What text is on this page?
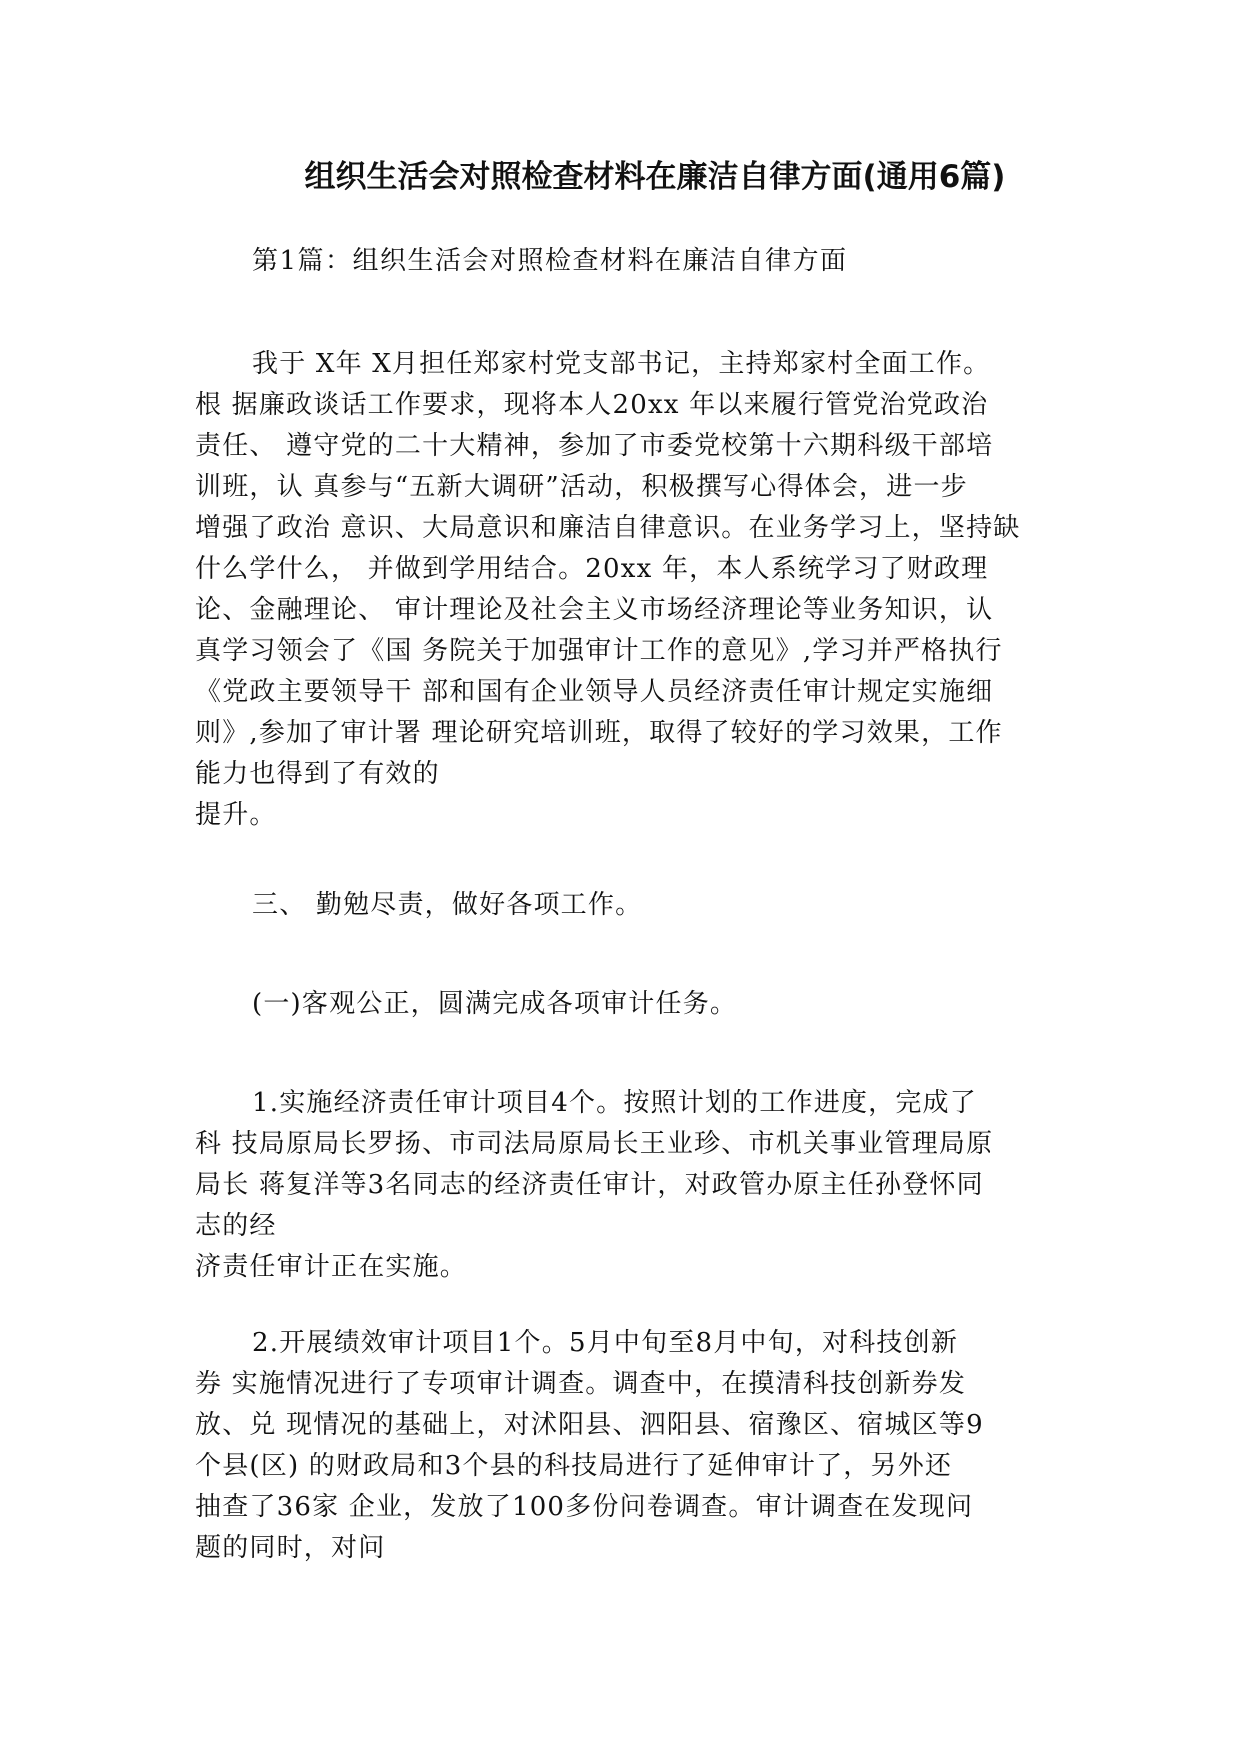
组织生活会对照检查材料在廉洁自律方面(通用6篇)
第1篇：组织生活会对照检查材料在廉洁自律方面
我于 X年 X月担任郑家村党支部书记，主持郑家村全面工作。
根 据廉政谈话工作要求，现将本人20xx 年以来履行管党治党政治
责任、 遵守党的二十大精神，参加了市委党校第十六期科级干部培
训班，认 真参与“五新大调研”活动，积极撰写心得体会，进一步
增强了政治 意识、大局意识和廉洁自律意识。在业务学习上，坚持缺
什么学什么， 并做到学用结合。20xx 年，本人系统学习了财政理
论、金融理论、 审计理论及社会主义市场经济理论等业务知识，认
真学习领会了《国 务院关于加强审计工作的意见》,学习并严格执行
《党政主要领导干 部和国有企业领导人员经济责任审计规定实施细
则》,参加了审计署 理论研究培训班，取得了较好的学习效果，工作
能力也得到了有效的
提升。
三、 勤勉尽责，做好各项工作。
(一)客观公正，圆满完成各项审计任务。
1.实施经济责任审计项目4个。按照计划的工作进度，完成了
科 技局原局长罗扬、市司法局原局长王业珍、市机关事业管理局原
局长 蒋复洋等3名同志的经济责任审计，对政管办原主任孙登怀同
志的经
济责任审计正在实施。
2.开展绩效审计项目1个。5月中旬至8月中旬，对科技创新
券 实施情况进行了专项审计调查。调查中，在摸清科技创新券发
放、兑 现情况的基础上，对沭阳县、泗阳县、宿豫区、宿城区等9
个县(区) 的财政局和3个县的科技局进行了延伸审计了，另外还
抽查了36家 企业，发放了100多份问卷调查。审计调查在发现问
题的同时，对问
